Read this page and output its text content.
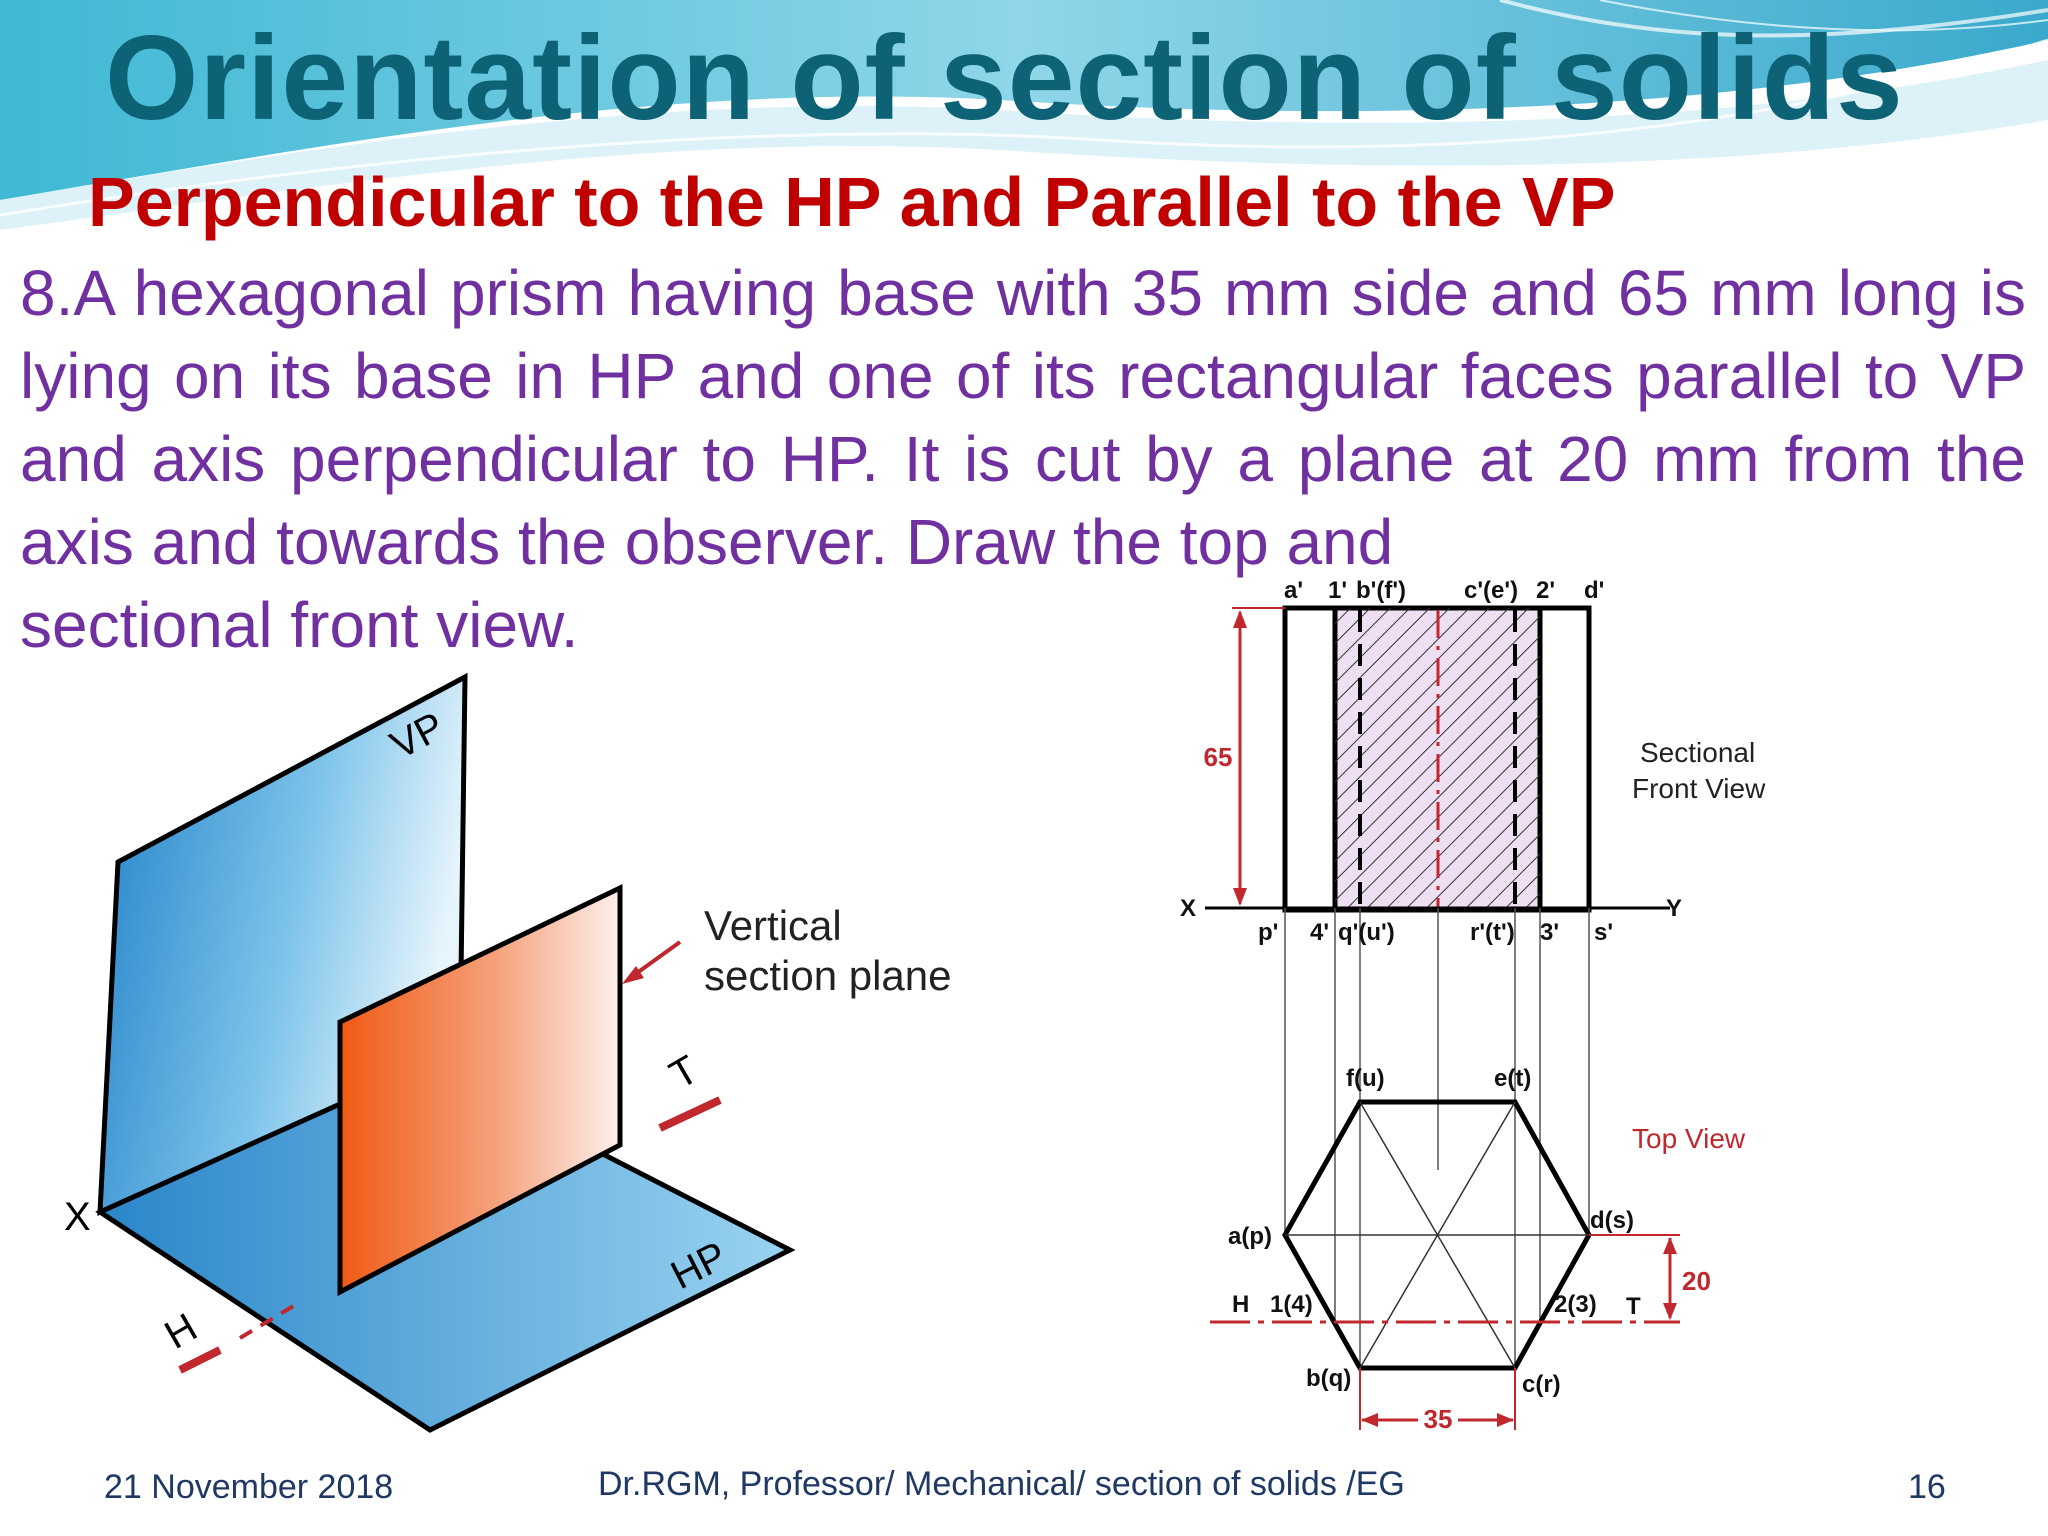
Orientation of section of solids
Perpendicular to the HP and Parallel to the VP
8.A hexagonal prism having base with 35 mm side and 65 mm long is lying on its base in HP and one of its rectangular faces parallel to VP and axis perpendicular to HP. It is cut by a plane at 20 mm from the axis and towards the observer. Draw the top and
sectional front view.
VP
HP
X
H
T
Vertical
section plane
a' 1' b'(f') c'(e') 2' d'
p' 4' q'(u')	r'(t') 3' s'
X	Y
f(u)	e(t)
a(p)
d(s)
1(4)	2(3)
b(q)	c(r)
H	T
65
20
35
Sectional
Front View
Top View
21 November 2018	Dr.RGM, Professor/ Mechanical/ section of solids /EG	16
